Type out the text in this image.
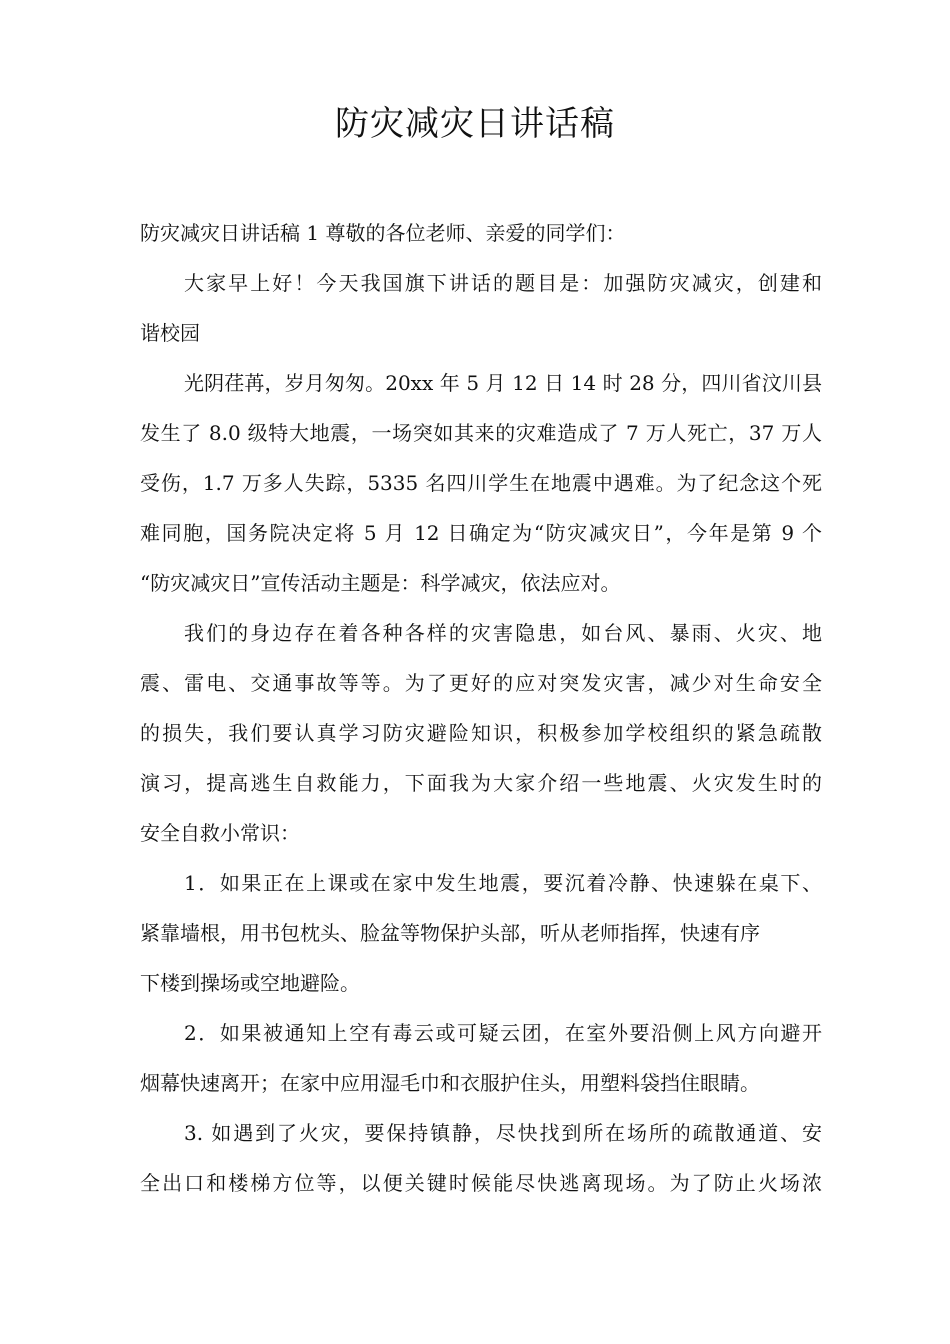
防灾减灾日讲话稿
防灾减灾日讲话稿 1 尊敬的各位老师、亲爱的同学们：
大家早上好！今天我国旗下讲话的题目是：加强防灾减灾，创建和
谐校园
光阴荏苒，岁月匆匆。20xx 年 5 月 12 日 14 时 28 分，四川省汶川县
发生了 8.0 级特大地震，一场突如其来的灾难造成了 7 万人死亡，37 万人
受伤，1.7 万多人失踪，5335 名四川学生在地震中遇难。为了纪念这个死
难同胞，国务院决定将 5 月 12 日确定为“防灾减灾日”，今年是第 9 个
“防灾减灾日”宣传活动主题是：科学减灾，依法应对。
我们的身边存在着各种各样的灾害隐患，如台风、暴雨、火灾、地
震、雷电、交通事故等等。为了更好的应对突发灾害，减少对生命安全
的损失，我们要认真学习防灾避险知识，积极参加学校组织的紧急疏散
演习，提高逃生自救能力，下面我为大家介绍一些地震、火灾发生时的
安全自救小常识：
1．如果正在上课或在家中发生地震，要沉着冷静、快速躲在桌下、
紧靠墙根，用书包枕头、脸盆等物保护头部，听从老师指挥，快速有序
下楼到操场或空地避险。
2．如果被通知上空有毒云或可疑云团，在室外要沿侧上风方向避开
烟幕快速离开；在家中应用湿毛巾和衣服护住头，用塑料袋挡住眼睛。
3. 如遇到了火灾，要保持镇静，尽快找到所在场所的疏散通道、安
全出口和楼梯方位等，以便关键时候能尽快逃离现场。为了防止火场浓
